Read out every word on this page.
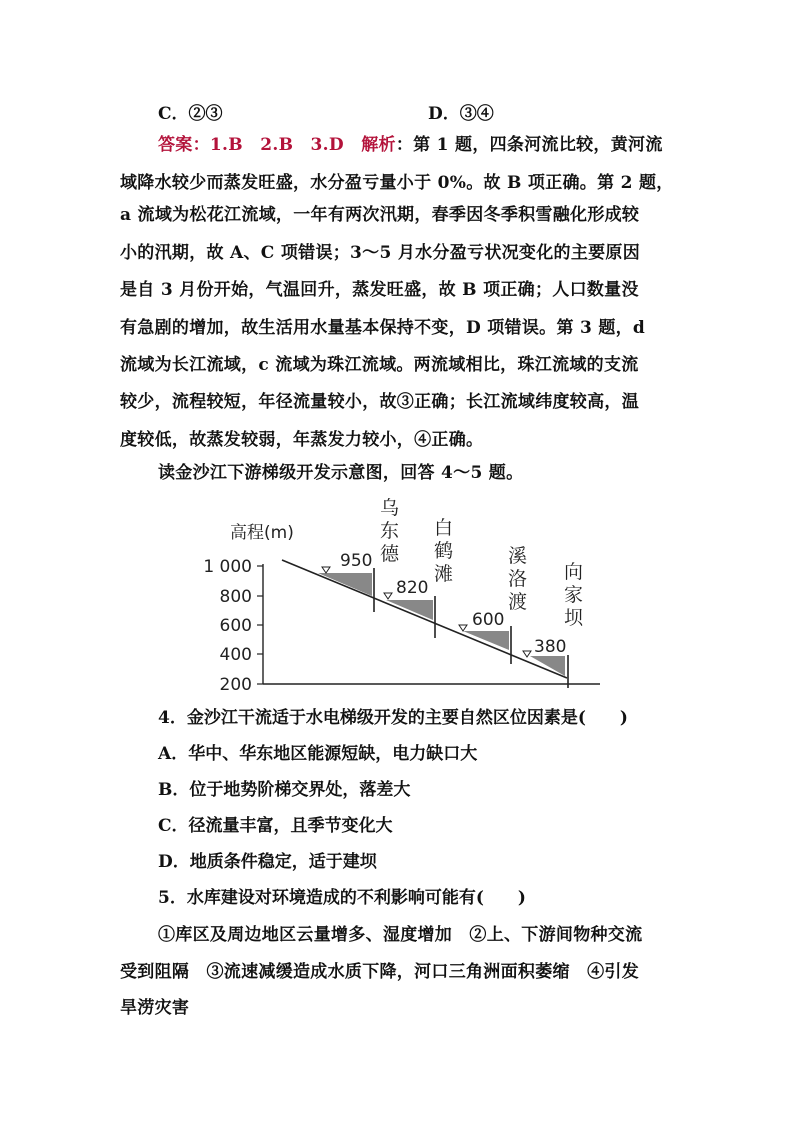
C．②③	D．③④
答案：1.B　2.B　3.D　 解析：第 1 题，四条河流比较，黄河流
域降水较少而蒸发旺盛，水分盈亏量小于 0%。故 B 项正确。第 2 题，
a 流域为松花江流域，一年有两次汛期，春季因冬季积雪融化形成较
小的汛期，故 A、C 项错误；3～5 月水分盈亏状况变化的主要原因
是自 3 月份开始，气温回升，蒸发旺盛，故 B 项正确；人口数量没
有急剧的增加，故生活用水量基本保持不变，D 项错误。第 3 题，d
流域为长江流域，c 流域为珠江流域。两流域相比，珠江流域的支流
较少，流程较短，年径流量较小，故③正确；长江流域纬度较高，温
度较低，故蒸发较弱，年蒸发力较小，④正确。
读金沙江下游梯级开发示意图，回答 4～5 题。
高程(m)
1 000
800
600
400
200
950
820
600
380
乌
东
德
白
鹤
滩
溪
洛
渡
向
家
坝
4．金沙江干流适于水电梯级开发的主要自然区位因素是(　　)
A．华中、华东地区能源短缺，电力缺口大
B．位于地势阶梯交界处，落差大
C．径流量丰富，且季节变化大
D．地质条件稳定，适于建坝
5．水库建设对环境造成的不利影响可能有(　　)
①库区及周边地区云量增多、湿度增加　②上、下游间物种交流
受到阻隔　③流速减缓造成水质下降，河口三角洲面积萎缩　④引发
旱涝灾害
